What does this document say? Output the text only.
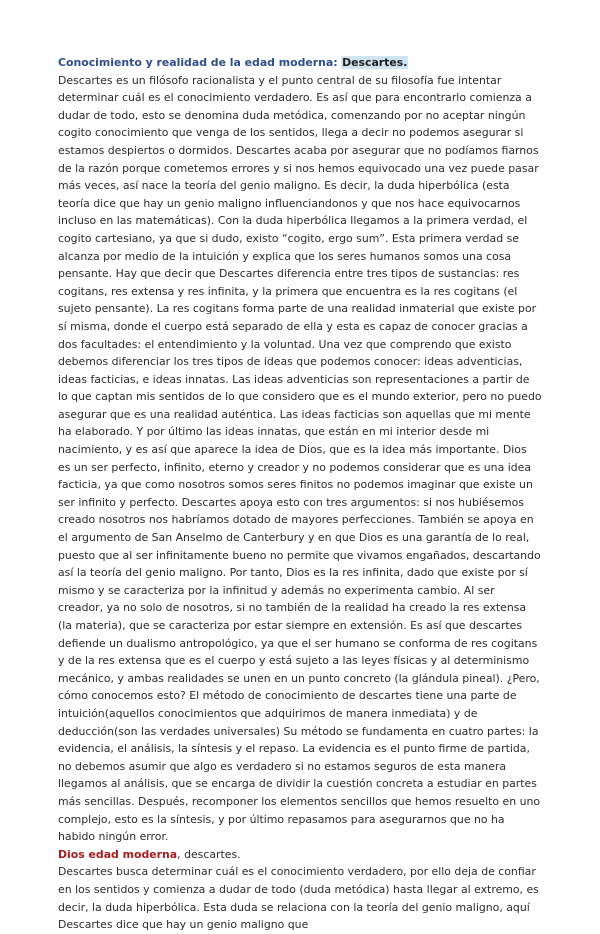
Conocimiento y realidad de la edad moderna: Descartes.
Descartes es un filósofo racionalista y el punto central de su filosofía fue intentar determinar cuál es el conocimiento verdadero. Es así que para encontrarlo comienza a dudar de todo, esto se denomina duda metódica, comenzando por no aceptar ningún cogito conocimiento que venga de los sentidos, llega a decir no podemos asegurar si estamos despiertos o dormidos. Descartes acaba por asegurar que no podíamos fiarnos de la razón porque cometemos errores y si nos hemos equivocado una vez puede pasar más veces, así nace la teoría del genio maligno. Es decir, la duda hiperbólica (esta teoría dice que hay un genio maligno influenciandonos y que nos hace equivocarnos incluso en las matemáticas). Con la duda hiperbólica llegamos a la primera verdad, el cogito cartesiano, ya que si dudo, existo “cogito, ergo sum”. Esta primera verdad se alcanza por medio de la intuición y explica que los seres humanos somos una cosa pensante. Hay que decir que Descartes diferencia entre tres tipos de sustancias: res cogitans, res extensa y res infinita, y la primera que encuentra es la res cogitans (el sujeto pensante). La res cogitans forma parte de una realidad inmaterial que existe por sí misma, donde el cuerpo está separado de ella y esta es capaz de conocer gracias a dos facultades: el entendimiento y la voluntad. Una vez que comprendo que existo debemos diferenciar los tres tipos de ideas que podemos conocer: ideas adventicias, ideas facticias, e ideas innatas. Las ideas adventicias son representaciones a partir de lo que captan mis sentidos de lo que considero que es el mundo exterior, pero no puedo asegurar que es una realidad auténtica. Las ideas facticias son aquellas que mi mente ha elaborado. Y por último las ideas innatas, que están en mi interior desde mi nacimiento, y es así que aparece la idea de Dios, que es la idea más importante. Dios es un ser perfecto, infinito, eterno y creador y no podemos considerar que es una idea facticia, ya que como nosotros somos seres finitos no podemos imaginar que existe un ser infinito y perfecto. Descartes apoya esto con tres argumentos: si nos hubiésemos creado nosotros nos habríamos dotado de mayores perfecciones. También se apoya en el argumento de San Anselmo de Canterbury y en que Dios es una garantía de lo real, puesto que al ser infinitamente bueno no permite que vivamos engañados, descartando así la teoría del genio maligno. Por tanto, Dios es la res infinita, dado que existe por sí mismo y se caracteriza por la infinitud y además no experimenta cambio. Al ser creador, ya no solo de nosotros, si no también de la realidad ha creado la res extensa (la materia), que se caracteriza por estar siempre en extensión. Es así que descartes defiende un dualismo antropológico, ya que el ser humano se conforma de res cogitans y de la res extensa que es el cuerpo y está sujeto a las leyes físicas y al determinismo mecánico, y ambas realidades se unen en un punto concreto (la glándula pineal). ¿Pero, cómo conocemos esto? El método de conocimiento de descartes tiene una parte de intuición(aquellos conocimientos que adquirimos de manera inmediata) y de deducción(son las verdades universales) Su método se fundamenta en cuatro partes: la evidencia, el análisis, la síntesis y el repaso. La evidencia es el punto firme de partida, no debemos asumir que algo es verdadero si no estamos seguros de esta manera llegamos al análisis, que se encarga de dividir la cuestión concreta a estudiar en partes más sencillas. Después, recomponer los elementos sencillos que hemos resuelto en uno complejo, esto es la síntesis, y por último repasamos para asegurarnos que no ha habido ningún error.

Dios edad moderna, descartes.
Descartes busca determinar cuál es el conocimiento verdadero, por ello deja de confiar en los sentidos y comienza a dudar de todo (duda metódica) hasta llegar al extremo, es decir, la duda hiperbólica. Esta duda se relaciona con la teoría del genio maligno, aquí Descartes dice que hay un genio maligno que
